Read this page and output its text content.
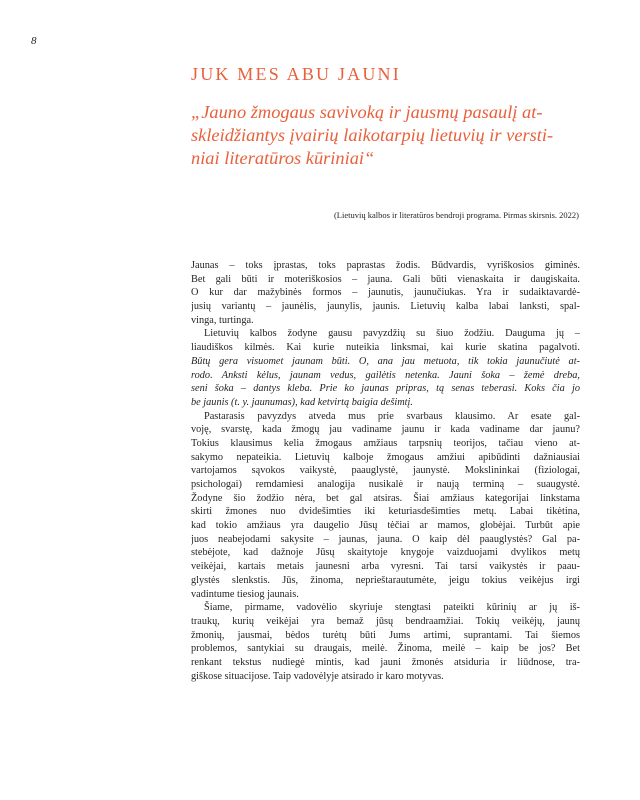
8
JUK MES ABU JAUNI
„Jauno žmogaus savivoką ir jausmų pasaulį at-
skleidžiantys įvairių laikotarpių lietuvių ir versti-
niai literatūros kūriniai“
(Lietuvių kalbos ir literatūros bendroji programa. Pirmas skirsnis. 2022)
Jaunas – toks įprastas, toks paprastas žodis. Būdvardis, vyriškosios giminės.
Bet gali būti ir moteriškosios – jauna. Gali būti vienaskaita ir daugiskaita.
O kur dar mažybinės formos – jaunutis, jaunučiukas. Yra ir sudaiktavardė-
jusių variantų – jaunėlis, jaunylis, jaunis. Lietuvių kalba labai lanksti, spal-
vinga, turtinga.
Lietuvių kalbos žodyne gausu pavyzdžių su šiuo žodžiu. Dauguma jų –
liaudiškos kilmės. Kai kurie nuteikia linksmai, kai kurie skatina pagalvoti.
Būtų gera visuomet jaunam būti. O, ana jau metuota, tik tokia jaunučiutė at-
rodo. Anksti kėlus, jaunam vedus, gailėtis netenka. Jauni šoka – žemė dreba,
seni šoka – dantys kleba. Prie ko jaunas pripras, tą senas teberasi. Koks čia jo
be jaunis (t. y. jaunumas), kad ketvirtą baigia dešimtį.
Pastarasis pavyzdys atveda mus prie svarbaus klausimo. Ar esate gal-
voję, svarstę, kada žmogų jau vadiname jaunu ir kada vadiname dar jaunu?
Tokius klausimus kelia žmogaus amžiaus tarpsnių teorijos, tačiau vieno at-
sakymo nepateikia. Lietuvių kalboje žmogaus amžiui apibūdinti dažniausiai
vartojamos sąvokos vaikystė, paauglystė, jaunystė. Mokslininkai (fiziologai,
psichologai) remdamiesi analogija nusikalė ir naują terminą – suaugystė.
Žodyne šio žodžio nėra, bet gal atsiras. Šiai amžiaus kategorijai linkstama
skirti žmones nuo dvidešimties iki keturiasdešimties metų. Labai tikėtina,
kad tokio amžiaus yra daugelio Jūsų tėčiai ar mamos, globėjai. Turbūt apie
juos neabejodami sakysite – jaunas, jauna. O kaip dėl paauglystės? Gal pa-
stebėjote, kad dažnoje Jūsų skaitytoje knygoje vaizduojami dvylikos metų
veikėjai, kartais metais jaunesni arba vyresni. Tai tarsi vaikystės ir paau-
glystės slenkstis. Jūs, žinoma, neprieštarautumėte, jeigu tokius veikėjus irgi
vadintume tiesiog jaunais.
Šiame, pirmame, vadovėlio skyriuje stengtasi pateikti kūrinių ar jų iš-
traukų, kurių veikėjai yra bemaž jūsų bendraamžiai. Tokių veikėjų, jaunų
žmonių, jausmai, bėdos turėtų būti Jums artimi, suprantami. Tai šiemos
problemos, santykiai su draugais, meilė. Žinoma, meilė – kaip be jos? Bet
renkant tekstus nudiegė mintis, kad jauni žmonės atsiduria ir liūdnose, tra-
giškose situacijose. Taip vadovėlyje atsirado ir karo motyvas.
